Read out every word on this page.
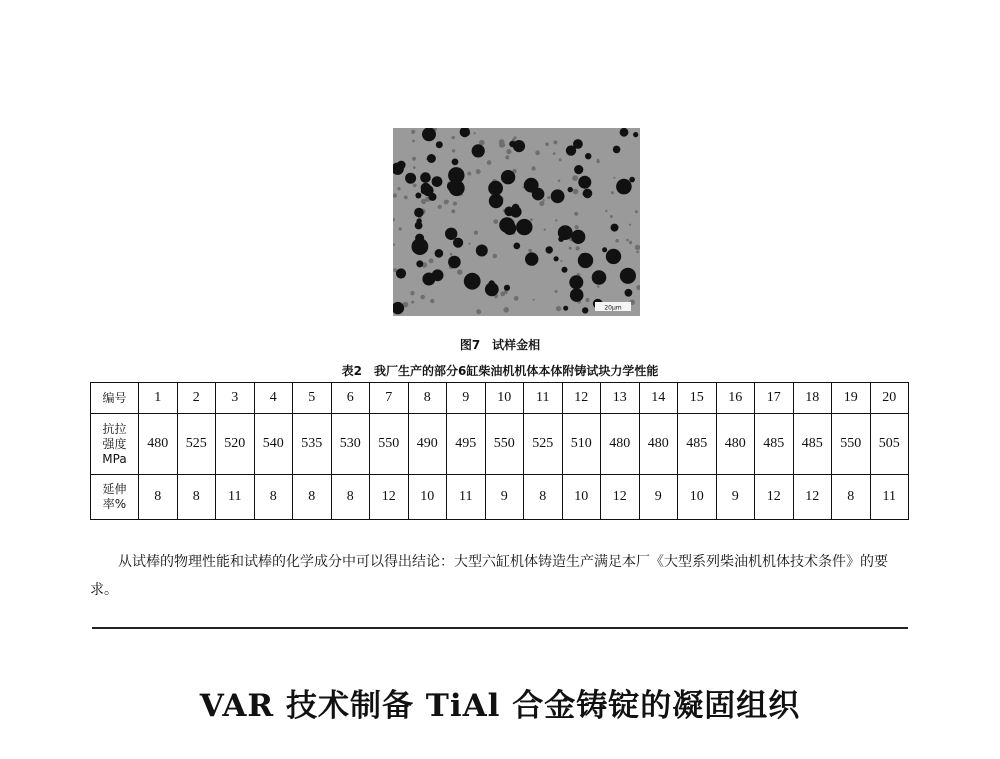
20μm
图7　试样金相
表2　我厂生产的部分6缸柴油机机体本体附铸试块力学性能
编号	1	2	3	4	5	6	7	8	9	10	11	12	13	14	15	16	17	18	19	20

抗拉
强度
MPa	480	525	520	540	535	530	550	490	495	550	525	510	480	480	485	480	485	485	550	505

延伸
率%	8	8	11	8	8	8	12	10	11	9	8	10	12	9	10	9	12	12	8	11
从试棒的物理性能和试棒的化学成分中可以得出结论：大型六缸机体铸造生产满足本厂《大型系列柴油机机体技术条件》的要求。
VAR 技术制备 TiAl 合金铸锭的凝固组织
